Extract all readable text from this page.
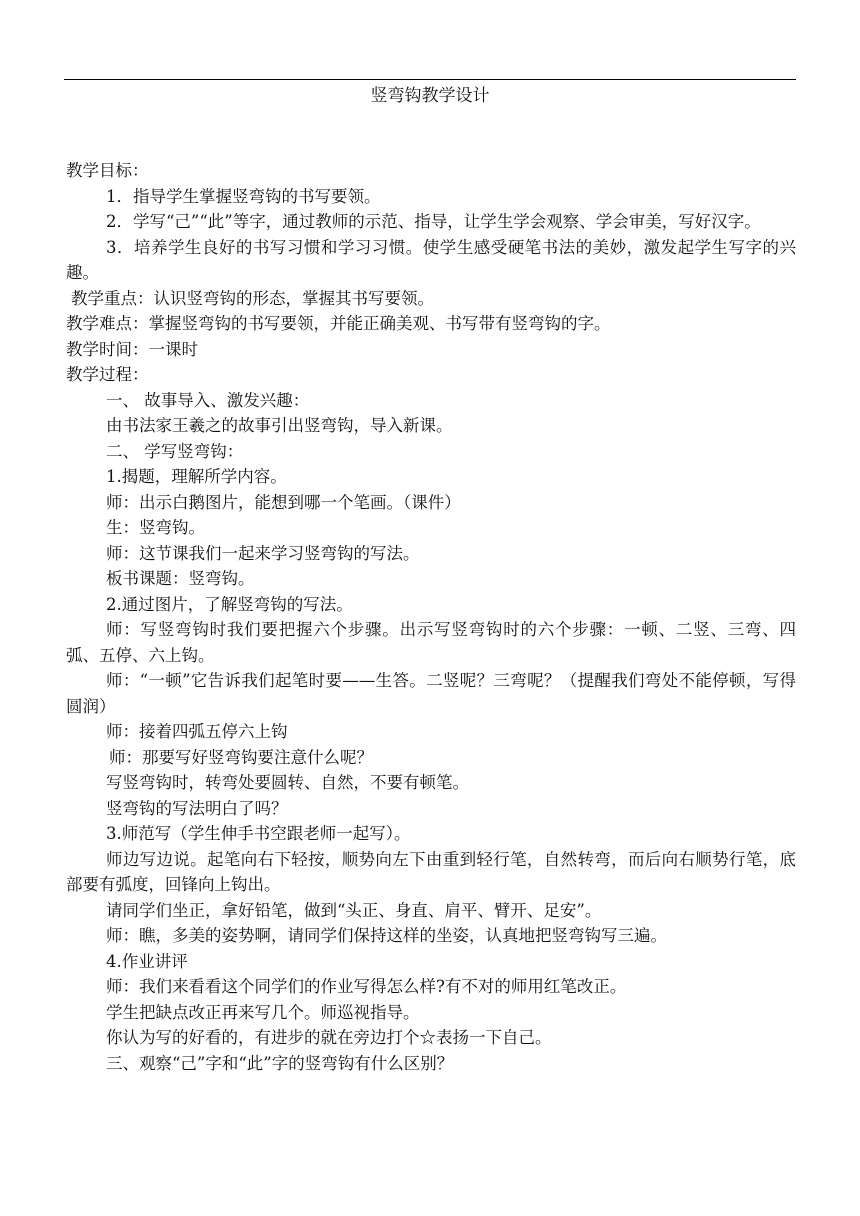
竖弯钩教学设计
教学目标：
1．指导学生掌握竖弯钩的书写要领。
2．学写“己”“此”等字，通过教师的示范、指导，让学生学会观察、学会审美，写好汉字。
3．培养学生良好的书写习惯和学习习惯。使学生感受硬笔书法的美妙，激发起学生写字的兴趣。
教学重点：认识竖弯钩的形态，掌握其书写要领。
教学难点：掌握竖弯钩的书写要领，并能正确美观、书写带有竖弯钩的字。
教学时间：一课时
教学过程：
一、 故事导入、激发兴趣：
由书法家王羲之的故事引出竖弯钩，导入新课。
二、 学写竖弯钩：
1.揭题，理解所学内容。
师：出示白鹅图片，能想到哪一个笔画。（课件）
生：竖弯钩。
师：这节课我们一起来学习竖弯钩的写法。
板书课题：竖弯钩。
2.通过图片，了解竖弯钩的写法。
师：写竖弯钩时我们要把握六个步骤。出示写竖弯钩时的六个步骤：一顿、二竖、三弯、四弧、五停、六上钩。
师：“一顿”它告诉我们起笔时要——生答。二竖呢？三弯呢？（提醒我们弯处不能停顿，写得圆润）
师：接着四弧五停六上钩
师：那要写好竖弯钩要注意什么呢？
写竖弯钩时，转弯处要圆转、自然，不要有顿笔。
竖弯钩的写法明白了吗？
3.师范写（学生伸手书空跟老师一起写）。
师边写边说。起笔向右下轻按，顺势向左下由重到轻行笔，自然转弯，而后向右顺势行笔，底部要有弧度，回锋向上钩出。
请同学们坐正，拿好铅笔，做到“头正、身直、肩平、臂开、足安”。
师：瞧，多美的姿势啊，请同学们保持这样的坐姿，认真地把竖弯钩写三遍。
4.作业讲评
师：我们来看看这个同学们的作业写得怎么样?有不对的师用红笔改正。
学生把缺点改正再来写几个。师巡视指导。
你认为写的好看的，有进步的就在旁边打个☆表扬一下自己。
三、观察“己”字和“此”字的竖弯钩有什么区别？
